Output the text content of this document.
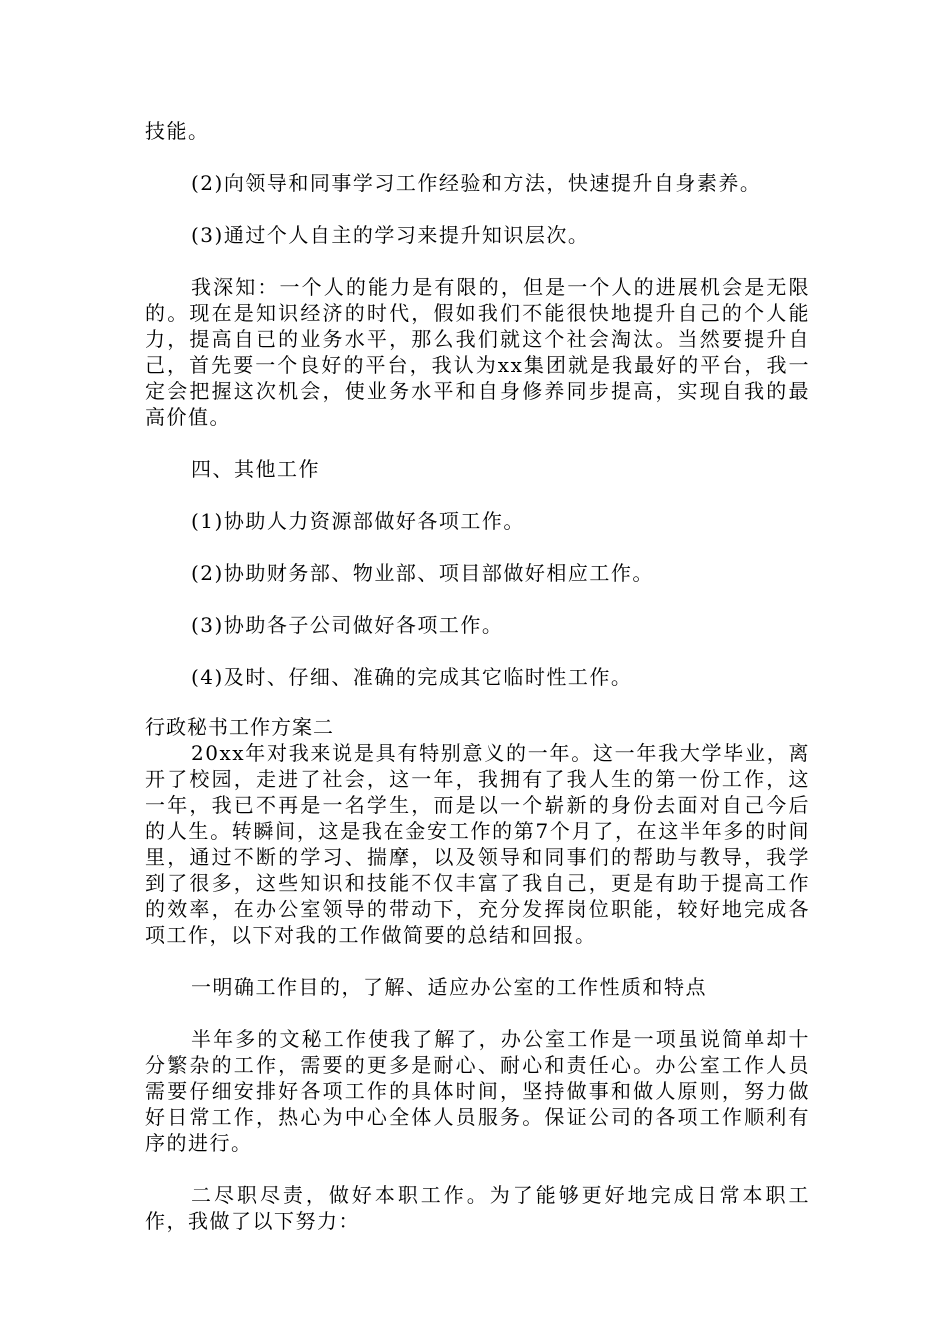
技能。

(2)向领导和同事学习工作经验和方法，快速提升自身素养。

(3)通过个人自主的学习来提升知识层次。

我深知：一个人的能力是有限的，但是一个人的进展机会是无限的。现在是知识经济的时代，假如我们不能很快地提升自己的个人能力，提高自已的业务水平，那么我们就这个社会淘汰。当然要提升自己，首先要一个良好的平台，我认为xx集团就是我最好的平台，我一定会把握这次机会，使业务水平和自身修养同步提高，实现自我的最高价值。

四、其他工作

(1)协助人力资源部做好各项工作。

(2)协助财务部、物业部、项目部做好相应工作。

(3)协助各子公司做好各项工作。

(4)及时、仔细、准确的完成其它临时性工作。

行政秘书工作方案二

20xx年对我来说是具有特别意义的一年。这一年我大学毕业，离开了校园，走进了社会，这一年，我拥有了我人生的第一份工作，这一年，我已不再是一名学生，而是以一个崭新的身份去面对自己今后的人生。转瞬间，这是我在金安工作的第7个月了，在这半年多的时间里，通过不断的学习、揣摩，以及领导和同事们的帮助与教导，我学到了很多，这些知识和技能不仅丰富了我自己，更是有助于提高工作的效率，在办公室领导的带动下，充分发挥岗位职能，较好地完成各项工作，以下对我的工作做简要的总结和回报。

一明确工作目的，了解、适应办公室的工作性质和特点

半年多的文秘工作使我了解了，办公室工作是一项虽说简单却十分繁杂的工作，需要的更多是耐心、耐心和责任心。办公室工作人员需要仔细安排好各项工作的具体时间，坚持做事和做人原则，努力做好日常工作，热心为中心全体人员服务。保证公司的各项工作顺利有序的进行。

二尽职尽责，做好本职工作。为了能够更好地完成日常本职工作，我做了以下努力：
